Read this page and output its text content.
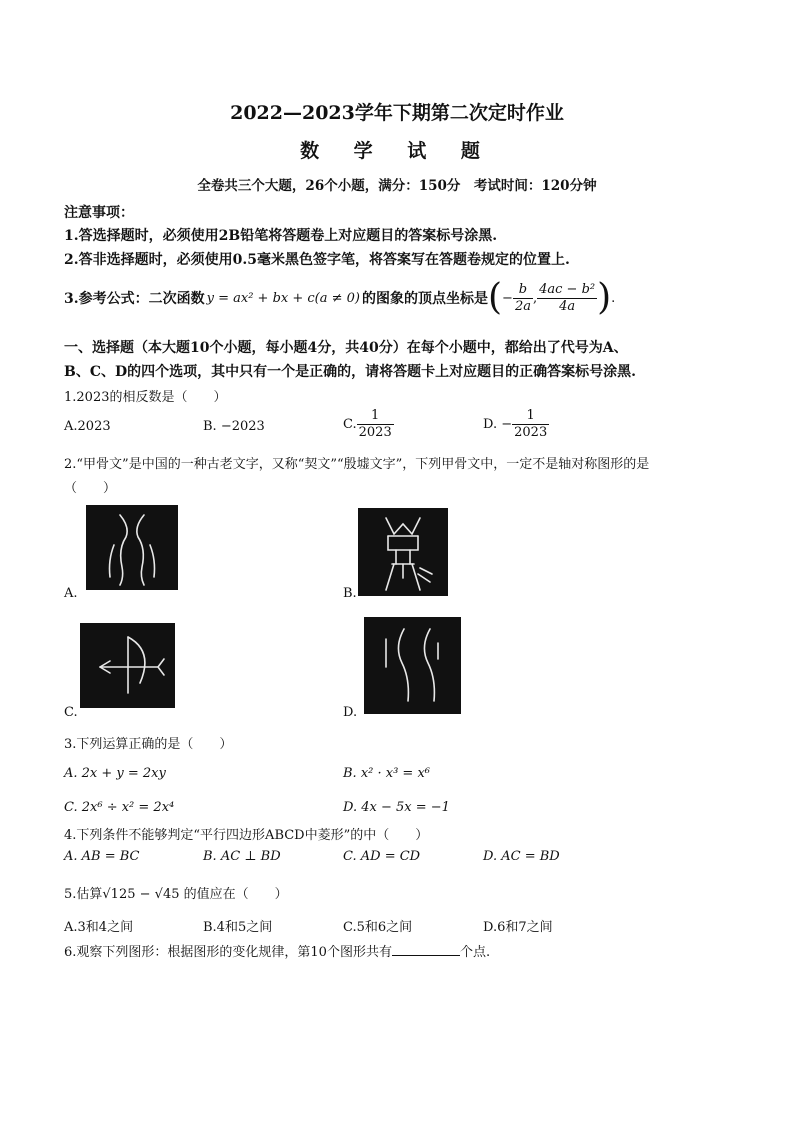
2022—2023学年下期第二次定时作业
数 学 试 题
全卷共三个大题，26个小题，满分：150分　考试时间：120分钟
注意事项：
1.答选择题时，必须使用2B铅笔将答题卷上对应题目的答案标号涂黑.
2.答非选择题时，必须使用0.5毫米黑色签字笔，将答案写在答题卷规定的位置上.
3.参考公式：二次函数 y = ax² + bx + c(a ≠ 0) 的图象的顶点坐标是 ( − $\frac{b}{2a}$ , $\frac{\text{4ac − b²}}{4a}$ ) .
一、选择题（本大题10个小题，每小题4分，共40分）在每个小题中，都给出了代号为A、
B、C、D的四个选项，其中只有一个是正确的，请将答题卡上对应题目的正确答案标号涂黑.
1.2023的相反数是（　　）
A.2023	B. −2023	C. $\frac{1}{2023}$	D. − $\frac{1}{2023}$
2.“甲骨文”是中国的一种古老文字，又称“契文”“殷墟文字”，下列甲骨文中，一定不是轴对称图形的是
（　　）
A.	B.
C.	D.
3.下列运算正确的是（　　）
A. 2x + y = 2xy	B. x² · x³ = x⁶
C. 2x⁶ ÷ x² = 2x⁴	D. 4x − 5x = −1
4.下列条件不能够判定“平行四边形ABCD中菱形”的中（　　）
A. AB = BC	B. AC ⊥ BD	C. AD = CD	D. AC = BD
5.估算√125 − √45 的值应在（　　）
A.3和4之间	B.4和5之间	C.5和6之间	D.6和7之间
6.观察下列图形：根据图形的变化规律，第10个图形共有	个点.
